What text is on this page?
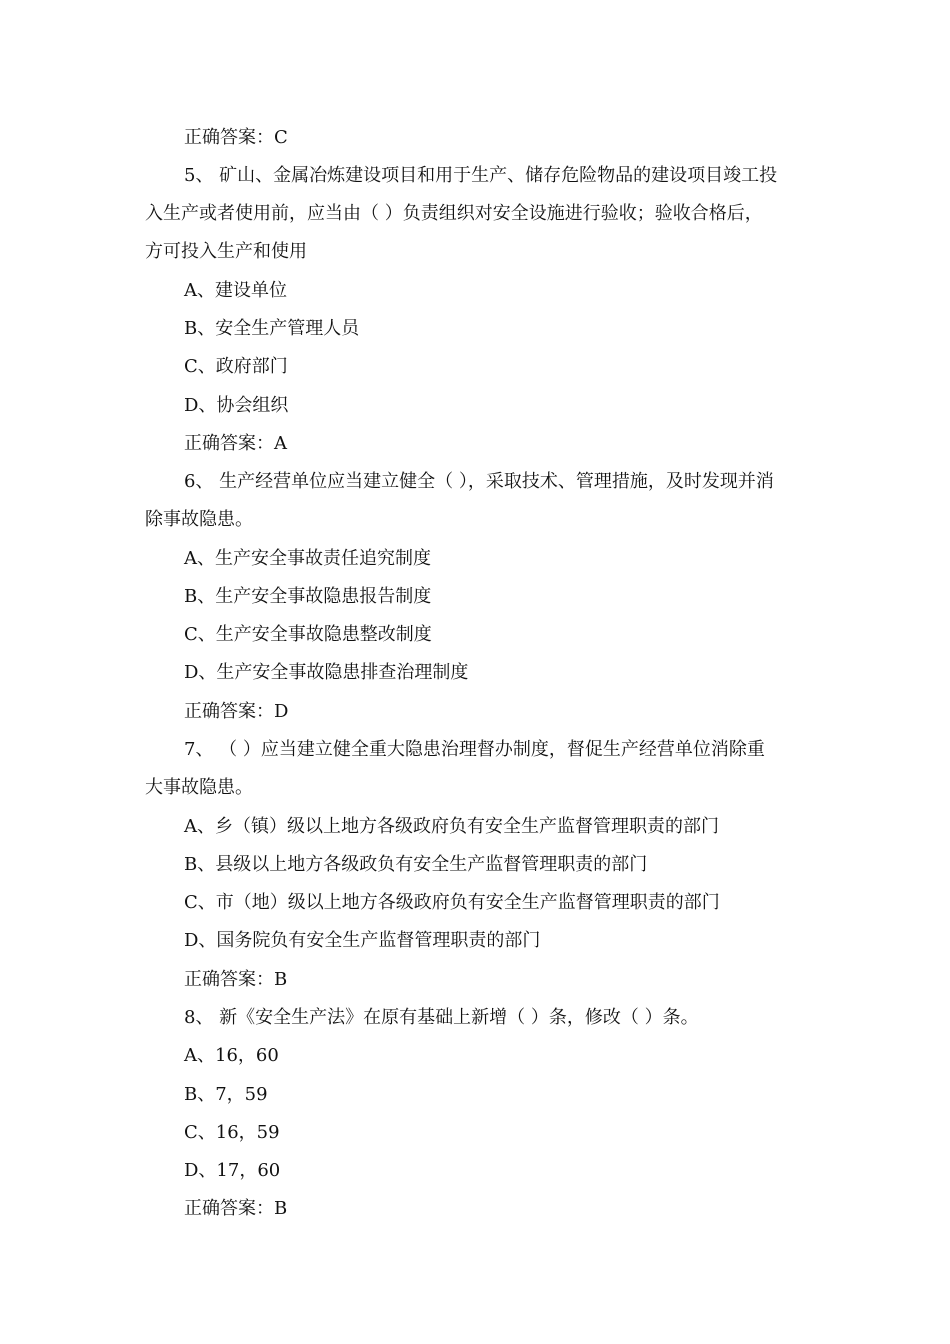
正确答案：C
5、 矿山、金属冶炼建设项目和用于生产、储存危险物品的建设项目竣工投
入生产或者使用前，应当由（ ）负责组织对安全设施进行验收；验收合格后，
方可投入生产和使用
A、建设单位
B、安全生产管理人员
C、政府部门
D、协会组织
正确答案：A
6、 生产经营单位应当建立健全（ ），采取技术、管理措施，及时发现并消
除事故隐患。
A、生产安全事故责任追究制度
B、生产安全事故隐患报告制度
C、生产安全事故隐患整改制度
D、生产安全事故隐患排查治理制度
正确答案：D
7、 （ ）应当建立健全重大隐患治理督办制度，督促生产经营单位消除重
大事故隐患。
A、乡（镇）级以上地方各级政府负有安全生产监督管理职责的部门
B、县级以上地方各级政负有安全生产监督管理职责的部门
C、市（地）级以上地方各级政府负有安全生产监督管理职责的部门
D、国务院负有安全生产监督管理职责的部门
正确答案：B
8、 新《安全生产法》在原有基础上新增（ ）条，修改（ ）条。
A、16，60
B、7，59
C、16，59
D、17，60
正确答案：B
